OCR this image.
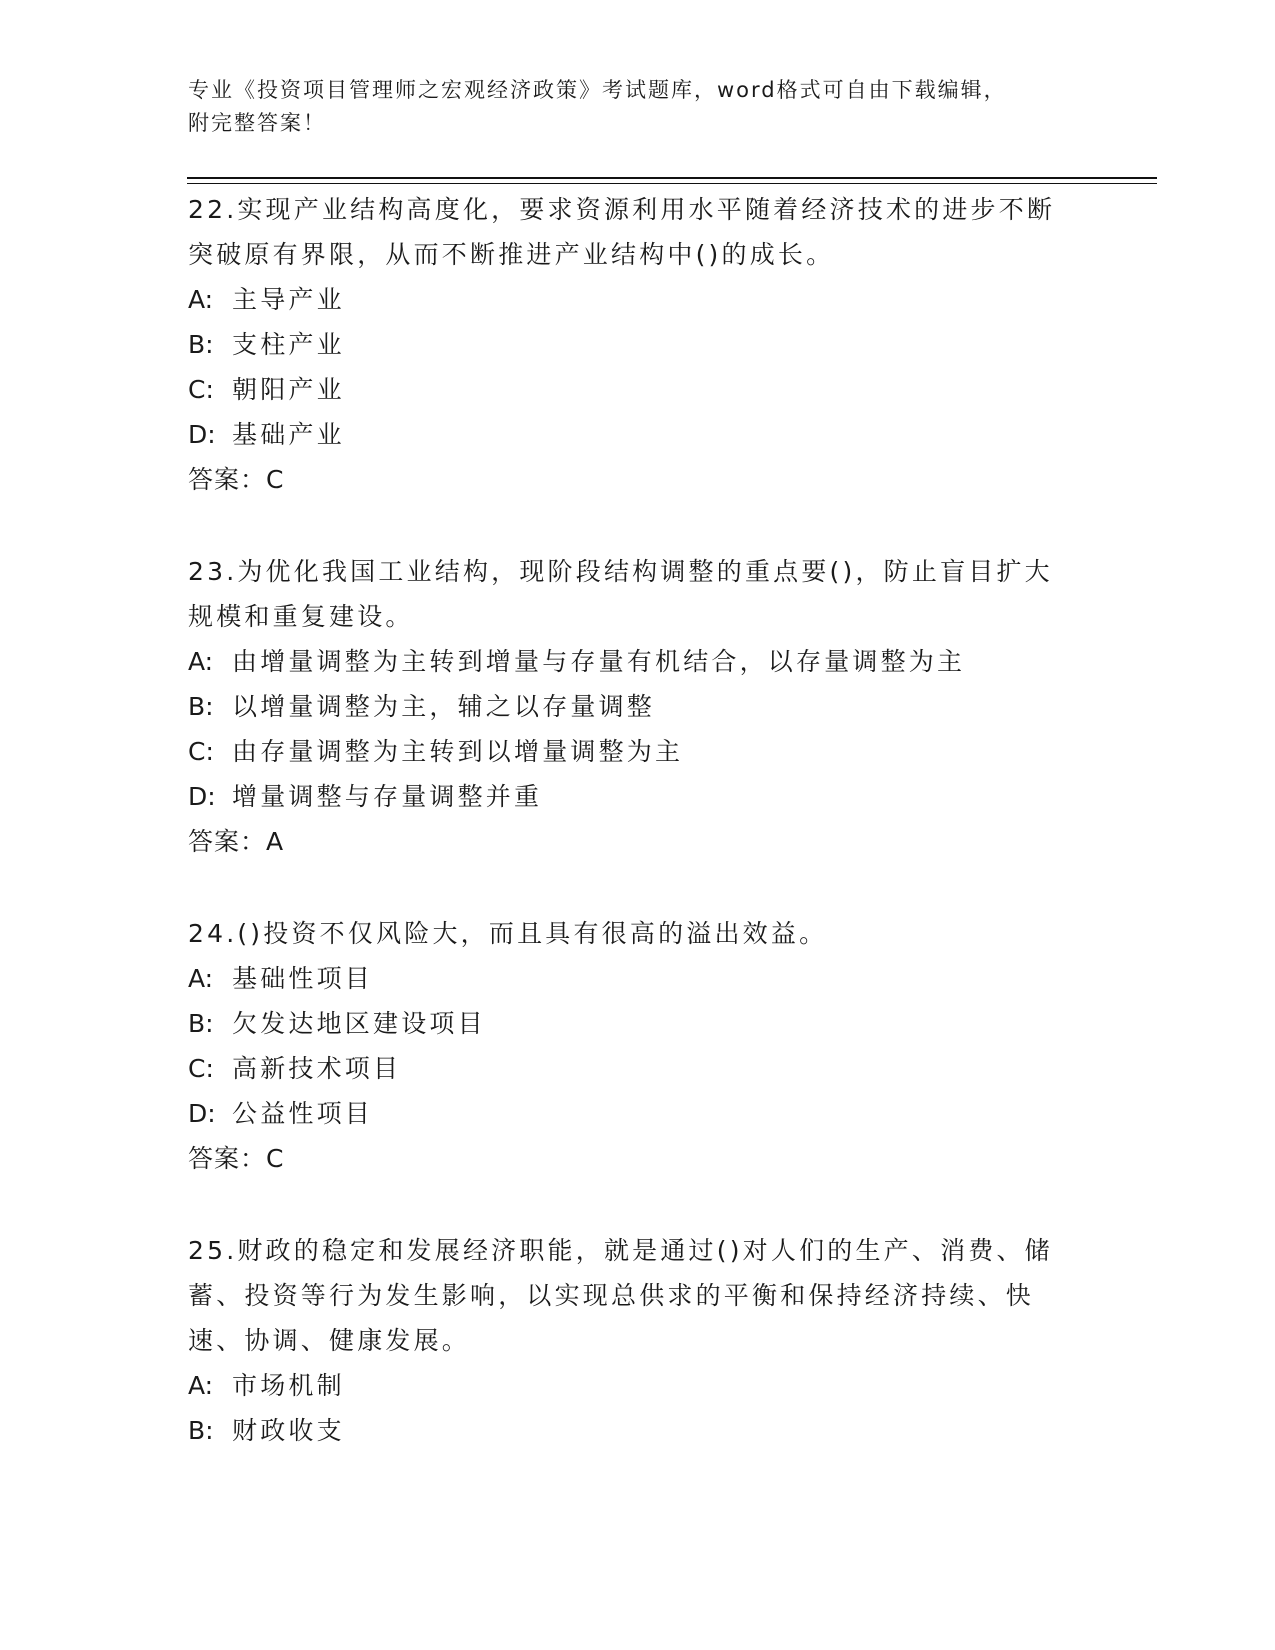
专业《投资项目管理师之宏观经济政策》考试题库，word格式可自由下载编辑，
附完整答案！

22.实现产业结构高度化，要求资源利用水平随着经济技术的进步不断

突破原有界限，从而不断推进产业结构中()的成长。

A: 主导产业

B: 支柱产业

C: 朝阳产业

D: 基础产业

答案：C

23.为优化我国工业结构，现阶段结构调整的重点要()，防止盲目扩大

规模和重复建设。

A: 由增量调整为主转到增量与存量有机结合，以存量调整为主

B: 以增量调整为主，辅之以存量调整

C: 由存量调整为主转到以增量调整为主

D: 增量调整与存量调整并重

答案：A

24.()投资不仅风险大，而且具有很高的溢出效益。

A: 基础性项目

B: 欠发达地区建设项目

C: 高新技术项目

D: 公益性项目

答案：C

25.财政的稳定和发展经济职能，就是通过()对人们的生产、消费、储

蓄、投资等行为发生影响，以实现总供求的平衡和保持经济持续、快

速、协调、健康发展。

A: 市场机制

B: 财政收支
